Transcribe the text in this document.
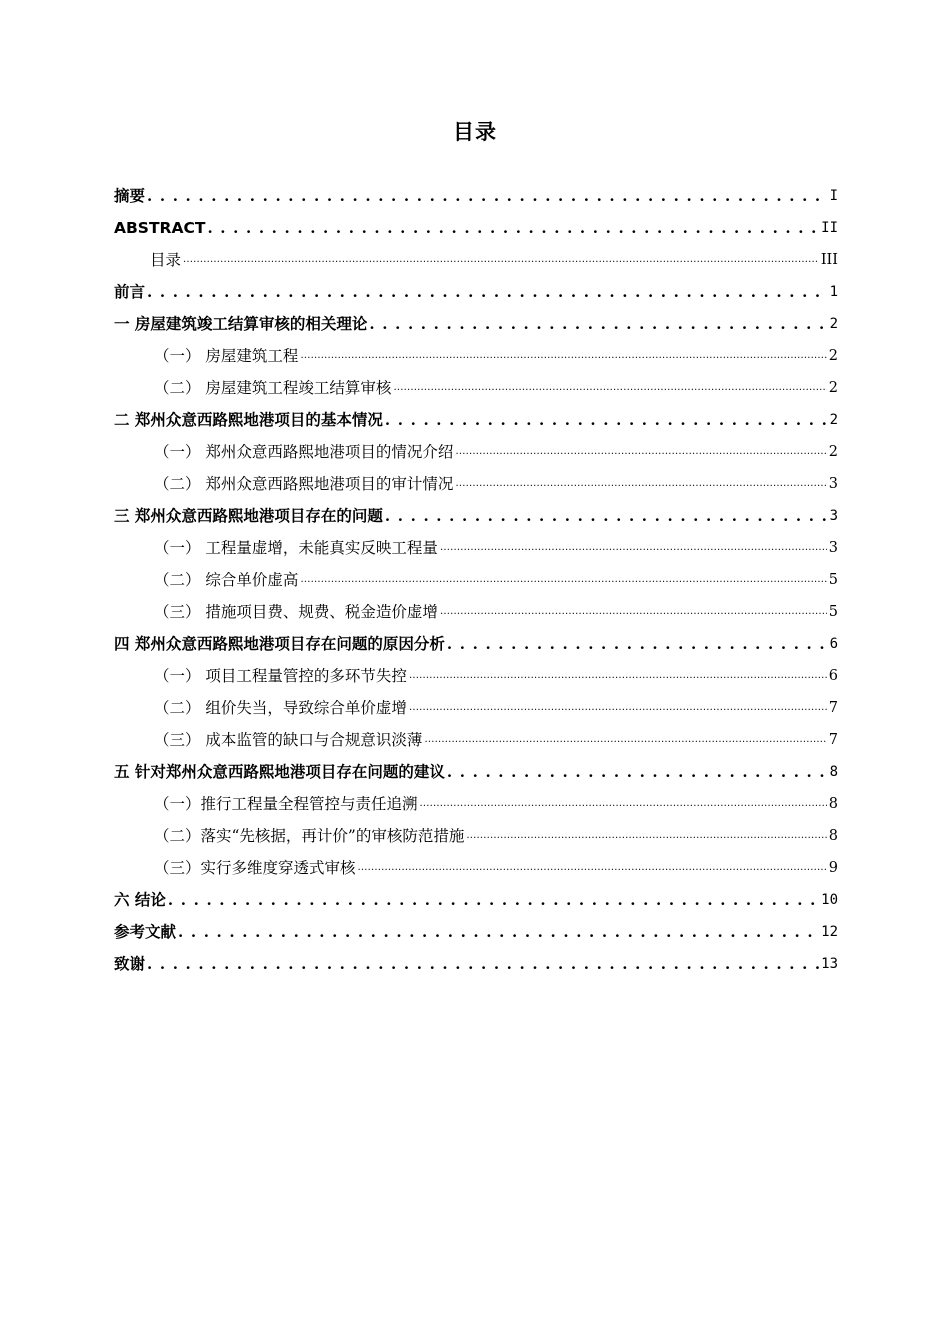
目录
摘要 . . .	I
ABSTRACT . . .	II
目录 .....	III
前言 . . .	1
一 房屋建筑竣工结算审核的相关理论 . . .	2
（一） 房屋建筑工程 .....	2
（二） 房屋建筑工程竣工结算审核 .....	2
二 郑州众意西路熙地港项目的基本情况 . . .	2
（一） 郑州众意西路熙地港项目的情况介绍 .....	2
（二） 郑州众意西路熙地港项目的审计情况 .....	3
三 郑州众意西路熙地港项目存在的问题 . . .	3
（一） 工程量虚增，未能真实反映工程量 .....	3
（二） 综合单价虚高 .....	5
（三） 措施项目费、规费、税金造价虚增 .....	5
四 郑州众意西路熙地港项目存在问题的原因分析 . . .	6
（一） 项目工程量管控的多环节失控 .....	6
（二） 组价失当，导致综合单价虚增 .....	7
（三） 成本监管的缺口与合规意识淡薄 .....	7
五 针对郑州众意西路熙地港项目存在问题的建议 . . .	8
（一）推行工程量全程管控与责任追溯 .....	8
（二）落实“先核据，再计价”的审核防范措施 .....	8
（三）实行多维度穿透式审核 .....	9
六 结论 . . .	10
参考文献 . . .	12
致谢 . . .	13
